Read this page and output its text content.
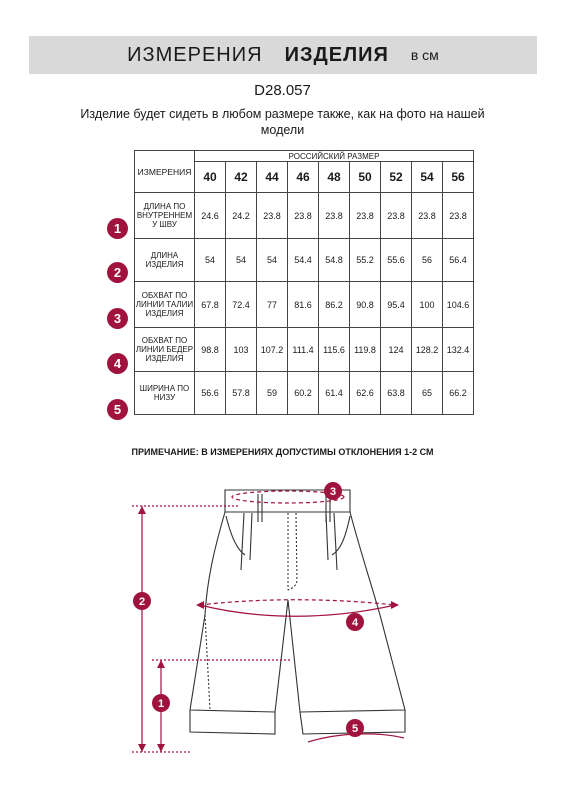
ИЗМЕРЕНИЯ ИЗДЕЛИЯ в см
D28.057
Изделие будет сидеть в любом размере также, как на фото на нашей модели
ИЗМЕРЕНИЯ	РОССИЙСКИЙ РАЗМЕР								
	40	42	44	46	48	50	52	54	56

ДЛИНА ПО
ВНУТРЕННЕМ
У ШВУ	24.6	24.2	23.8	23.8	23.8	23.8	23.8	23.8	23.8

ДЛИНА
ИЗДЕЛИЯ	54	54	54	54.4	54.8	55.2	55.6	56	56.4

ОБХВАТ ПО
ЛИНИИ ТАЛИИ
ИЗДЕЛИЯ	67.8	72.4	77	81.6	86.2	90.8	95.4	100	104.6

ОБХВАТ ПО
ЛИНИИ БЕДЕР
ИЗДЕЛИЯ	98.8	103	107.2	111.4	115.6	119.8	124	128.2	132.4

ШИРИНА ПО
НИЗУ	56.6	57.8	59	60.2	61.4	62.6	63.8	65	66.2
1
2
3
4
5
ПРИМЕЧАНИЕ: В ИЗМЕРЕНИЯХ ДОПУСТИМЫ ОТКЛОНЕНИЯ 1-2 СМ
3
2
4
1
5
